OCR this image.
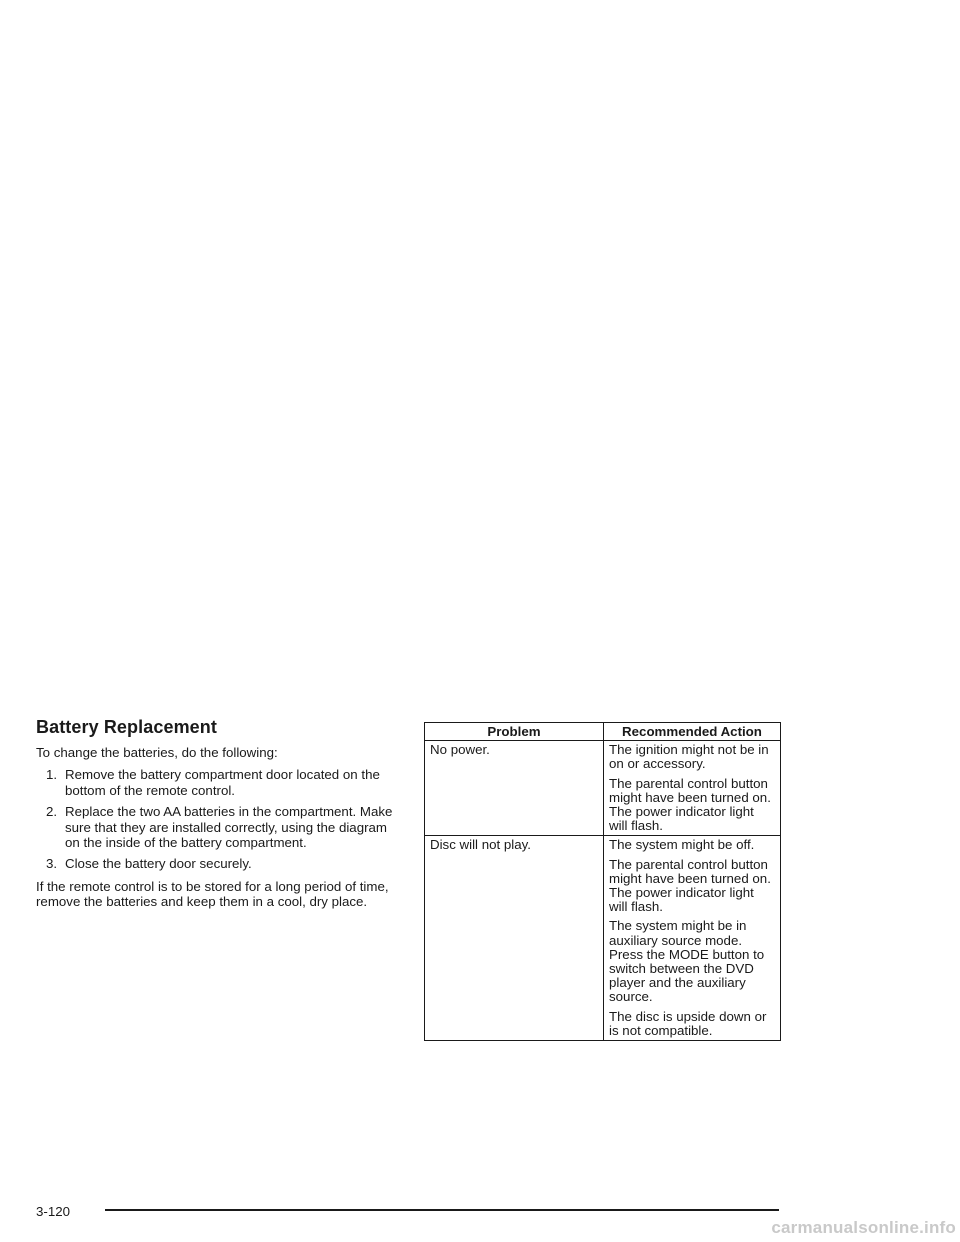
Battery Replacement

To change the batteries, do the following:

1. Remove the battery compartment door located on the bottom of the remote control.
2. Replace the two AA batteries in the compartment. Make sure that they are installed correctly, using the diagram on the inside of the battery compartment.
3. Close the battery door securely.

If the remote control is to be stored for a long period of time, remove the batteries and keep them in a cool, dry place.

Problem	Recommended Action
No power.	The ignition might not be in on or accessory.
The parental control button might have been turned on. The power indicator light will flash.

Disc will not play.	The system might be off.
The parental control button might have been turned on. The power indicator light will flash.
The system might be in auxiliary source mode. Press the MODE button to switch between the DVD player and the auxiliary source.
The disc is upside down or is not compatible.
3-120
carmanualsonline.info
